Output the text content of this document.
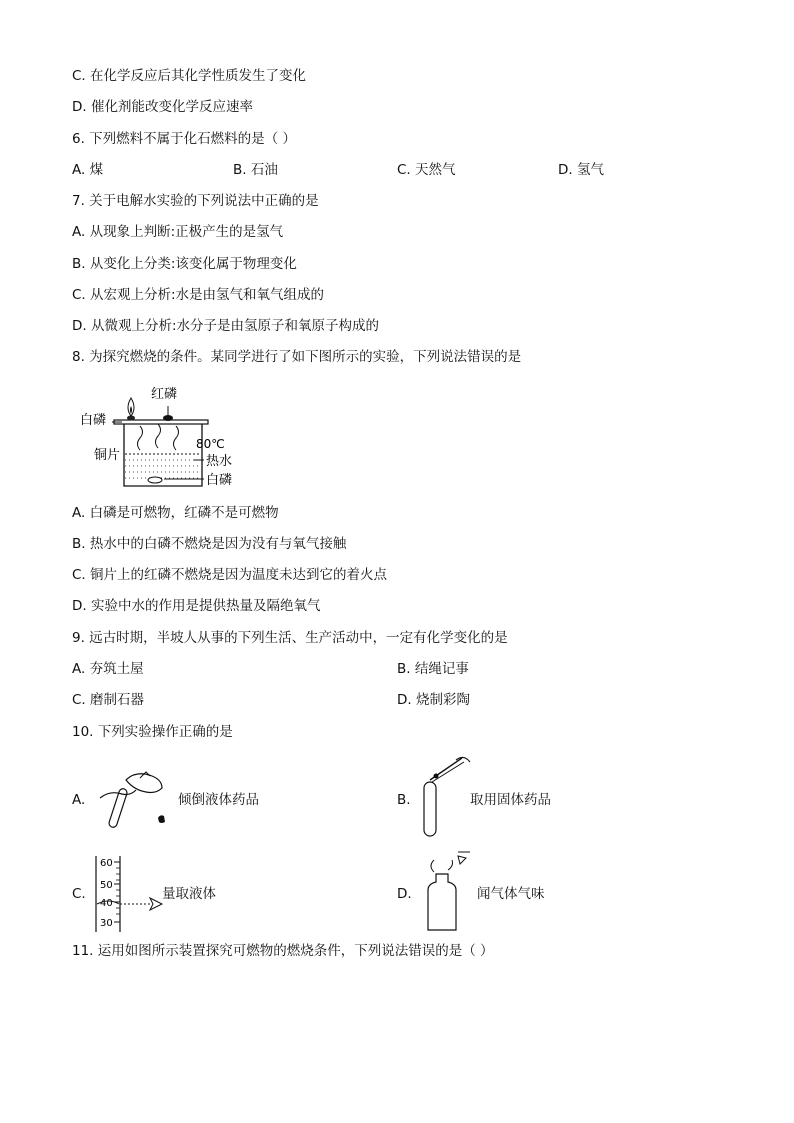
C. 在化学反应后其化学性质发生了变化
D. 催化剂能改变化学反应速率
6. 下列燃料不属于化石燃料的是（ ）
A. 煤	B. 石油	C. 天然气	D. 氢气
7. 关于电解水实验的下列说法中正确的是
A. 从现象上判断:正极产生的是氢气
B. 从变化上分类:该变化属于物理变化
C. 从宏观上分析:水是由氢气和氧气组成的
D. 从微观上分析:水分子是由氢原子和氧原子构成的
8. 为探究燃烧的条件。某同学进行了如下图所示的实验，下列说法错误的是
红磷
白磷
铜片
80℃
热水
白磷
A. 白磷是可燃物，红磷不是可燃物
B. 热水中的白磷不燃烧是因为没有与氧气接触
C. 铜片上的红磷不燃烧是因为温度未达到它的着火点
D. 实验中水的作用是提供热量及隔绝氧气
9. 远古时期，半坡人从事的下列生活、生产活动中，一定有化学变化的是
A. 夯筑土屋	B. 结绳记事
C. 磨制石器	D. 烧制彩陶
10. 下列实验操作正确的是
A.	倾倒液体药品	B.	取用固体药品
C.
60
50
40
30
量取液体	D.	闻气体气味
11. 运用如图所示装置探究可燃物的燃烧条件，下列说法错误的是（ ）
